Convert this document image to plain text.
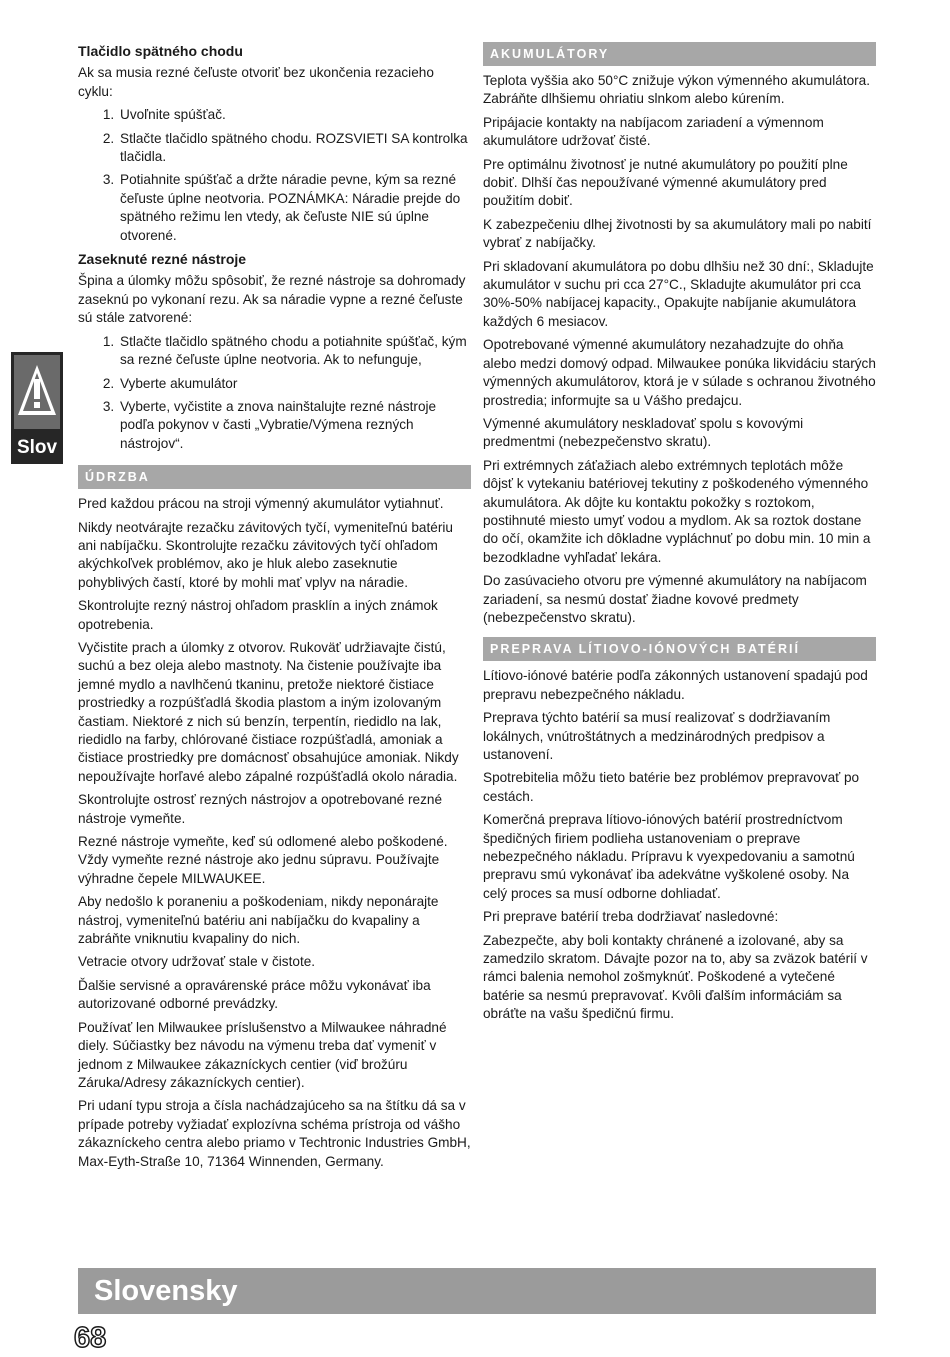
Slov
Tlačidlo spätného chodu

Ak sa musia rezné čeľuste otvoriť bez ukončenia rezacieho cyklu:

1. Uvoľnite spúšťač.
2. Stlačte tlačidlo spätného chodu. ROZSVIETI SA kontrolka tlačidla.
3. Potiahnite spúšťač a držte náradie pevne, kým sa rezné čeľuste úplne neotvoria. POZNÁMKA: Náradie prejde do spätného režimu len vtedy, ak čeľuste NIE sú úplne otvorené.
Zaseknuté rezné nástroje

Špina a úlomky môžu spôsobiť, že rezné nástroje sa dohromady zaseknú po vykonaní rezu. Ak sa náradie vypne a rezné čeľuste sú stále zatvorené:

1. Stlačte tlačidlo spätného chodu a potiahnite spúšťač, kým sa rezné čeľuste úplne neotvoria. Ak to nefunguje,
2. Vyberte akumulátor
3. Vyberte, vyčistite a znova nainštalujte rezné nástroje podľa pokynov v časti „Vybratie/Výmena rezných nástrojov“.
ÚDRZBA

Pred každou prácou na stroji výmenný akumulátor vytiahnuť.

Nikdy neotvárajte rezačku závitových tyčí, vymeniteľnú batériu ani nabíjačku. Skontrolujte rezačku závitových tyčí ohľadom akýchkoľvek problémov, ako je hluk alebo zaseknutie pohyblivých častí, ktoré by mohli mať vplyv na náradie.

Skontrolujte rezný nástroj ohľadom prasklín a iných známok opotrebenia.

Vyčistite prach a úlomky z otvorov. Rukoväť udržiavajte čistú, suchú a bez oleja alebo mastnoty. Na čistenie používajte iba jemné mydlo a navlhčenú tkaninu, pretože niektoré čistiace prostriedky a rozpúšťadlá škodia plastom a iným izolovaným častiam. Niektoré z nich sú benzín, terpentín, riedidlo na lak, riedidlo na farby, chlórované čistiace rozpúšťadlá, amoniak a čistiace prostriedky pre domácnosť obsahujúce amoniak. Nikdy nepoužívajte horľavé alebo zápalné rozpúšťadlá okolo náradia.

Skontrolujte ostrosť rezných nástrojov a opotrebované rezné nástroje vymeňte.

Rezné nástroje vymeňte, keď sú odlomené alebo poškodené. Vždy vymeňte rezné nástroje ako jednu súpravu. Používajte výhradne čepele MILWAUKEE.

Aby nedošlo k poraneniu a poškodeniam, nikdy neponárajte nástroj, vymeniteľnú batériu ani nabíjačku do kvapaliny a zabráňte vniknutiu kvapaliny do nich.

Vetracie otvory udržovať stale v čistote.

Ďalšie servisné a opravárenské práce môžu vykonávať iba autorizované odborné prevádzky.

Používať len Milwaukee príslušenstvo a Milwaukee náhradné diely. Súčiastky bez návodu na výmenu treba dať vymeniť v jednom z Milwaukee zákazníckych centier (viď brožúru Záruka/Adresy zákazníckych centier).

Pri udaní typu stroja a čísla nachádzajúceho sa na štítku dá sa v prípade potreby vyžiadať explozívna schéma prístroja od vášho zákazníckeho centra alebo priamo v Techtronic Industries GmbH, Max-Eyth-Straße 10, 71364 Winnenden, Germany.

AKUMULÁTORY

Teplota vyššia ako 50°C znižuje výkon výmenného akumulátora. Zabráňte dlhšiemu ohriatiu slnkom alebo kúrením.

Pripájacie kontakty na nabíjacom zariadení a výmennom akumulátore udržovať čisté.

Pre optimálnu životnosť je nutné akumulátory po použití plne dobiť. Dlhší čas nepoužívané výmenné akumulátory pred použitím dobiť.

K zabezpečeniu dlhej životnosti by sa akumulátory mali po nabití vybrať z nabíjačky.

Pri skladovaní akumulátora po dobu dlhšiu než 30 dní:, Skladujte akumulátor v suchu pri cca 27°C., Skladujte akumulátor pri cca 30%-50% nabíjacej kapacity., Opakujte nabíjanie akumulátora každých 6 mesiacov.

Opotrebované výmenné akumulátory nezahadzujte do ohňa alebo medzi domový odpad. Milwaukee ponúka likvidáciu starých výmenných akumulátorov, ktorá je v súlade s ochranou životného prostredia; informujte sa u Vášho predajcu.

Výmenné akumulátory neskladovať spolu s kovovými predmentmi (nebezpečenstvo skratu).

Pri extrémnych záťažiach alebo extrémnych teplotách môže dôjsť k vytekaniu batériovej tekutiny z poškodeného výmenného akumulátora. Ak dôjte ku kontaktu pokožky s roztokom, postihnuté miesto umyť vodou a mydlom. Ak sa roztok dostane do očí, okamžite ich dôkladne vypláchnuť po dobu min. 10 min a bezodkladne vyhľadať lekára.

Do zasúvacieho otvoru pre výmenné akumulátory na nabíjacom zariadení, sa nesmú dostať žiadne kovové predmety (nebezpečenstvo skratu).

PREPRAVA LÍTIOVO-IÓNOVÝCH BATÉRIÍ

Lítiovo-iónové batérie podľa zákonných ustanovení spadajú pod prepravu nebezpečného nákladu.

Preprava týchto batérií sa musí realizovať s dodržiavaním lokálnych, vnútroštátnych a medzinárodných predpisov a ustanovení.

Spotrebitelia môžu tieto batérie bez problémov prepravovať po cestách.

Komerčná preprava lítiovo-iónových batérií prostredníctvom špedičných firiem podlieha ustanoveniam o preprave nebezpečného nákladu. Prípravu k vyexpedovaniu a samotnú prepravu smú vykonávať iba adekvátne vyškolené osoby. Na celý proces sa musí odborne dohliadať.

Pri preprave batérií treba dodržiavať nasledovné:

Zabezpečte, aby boli kontakty chránené a izolované, aby sa zamedzilo skratom. Dávajte pozor na to, aby sa zväzok batérií v rámci balenia nemohol zošmyknúť. Poškodené a vytečené batérie sa nesmú prepravovať. Kvôli ďalším informáciám sa obráťte na vašu špedičnú firmu.

Slovensky
68
